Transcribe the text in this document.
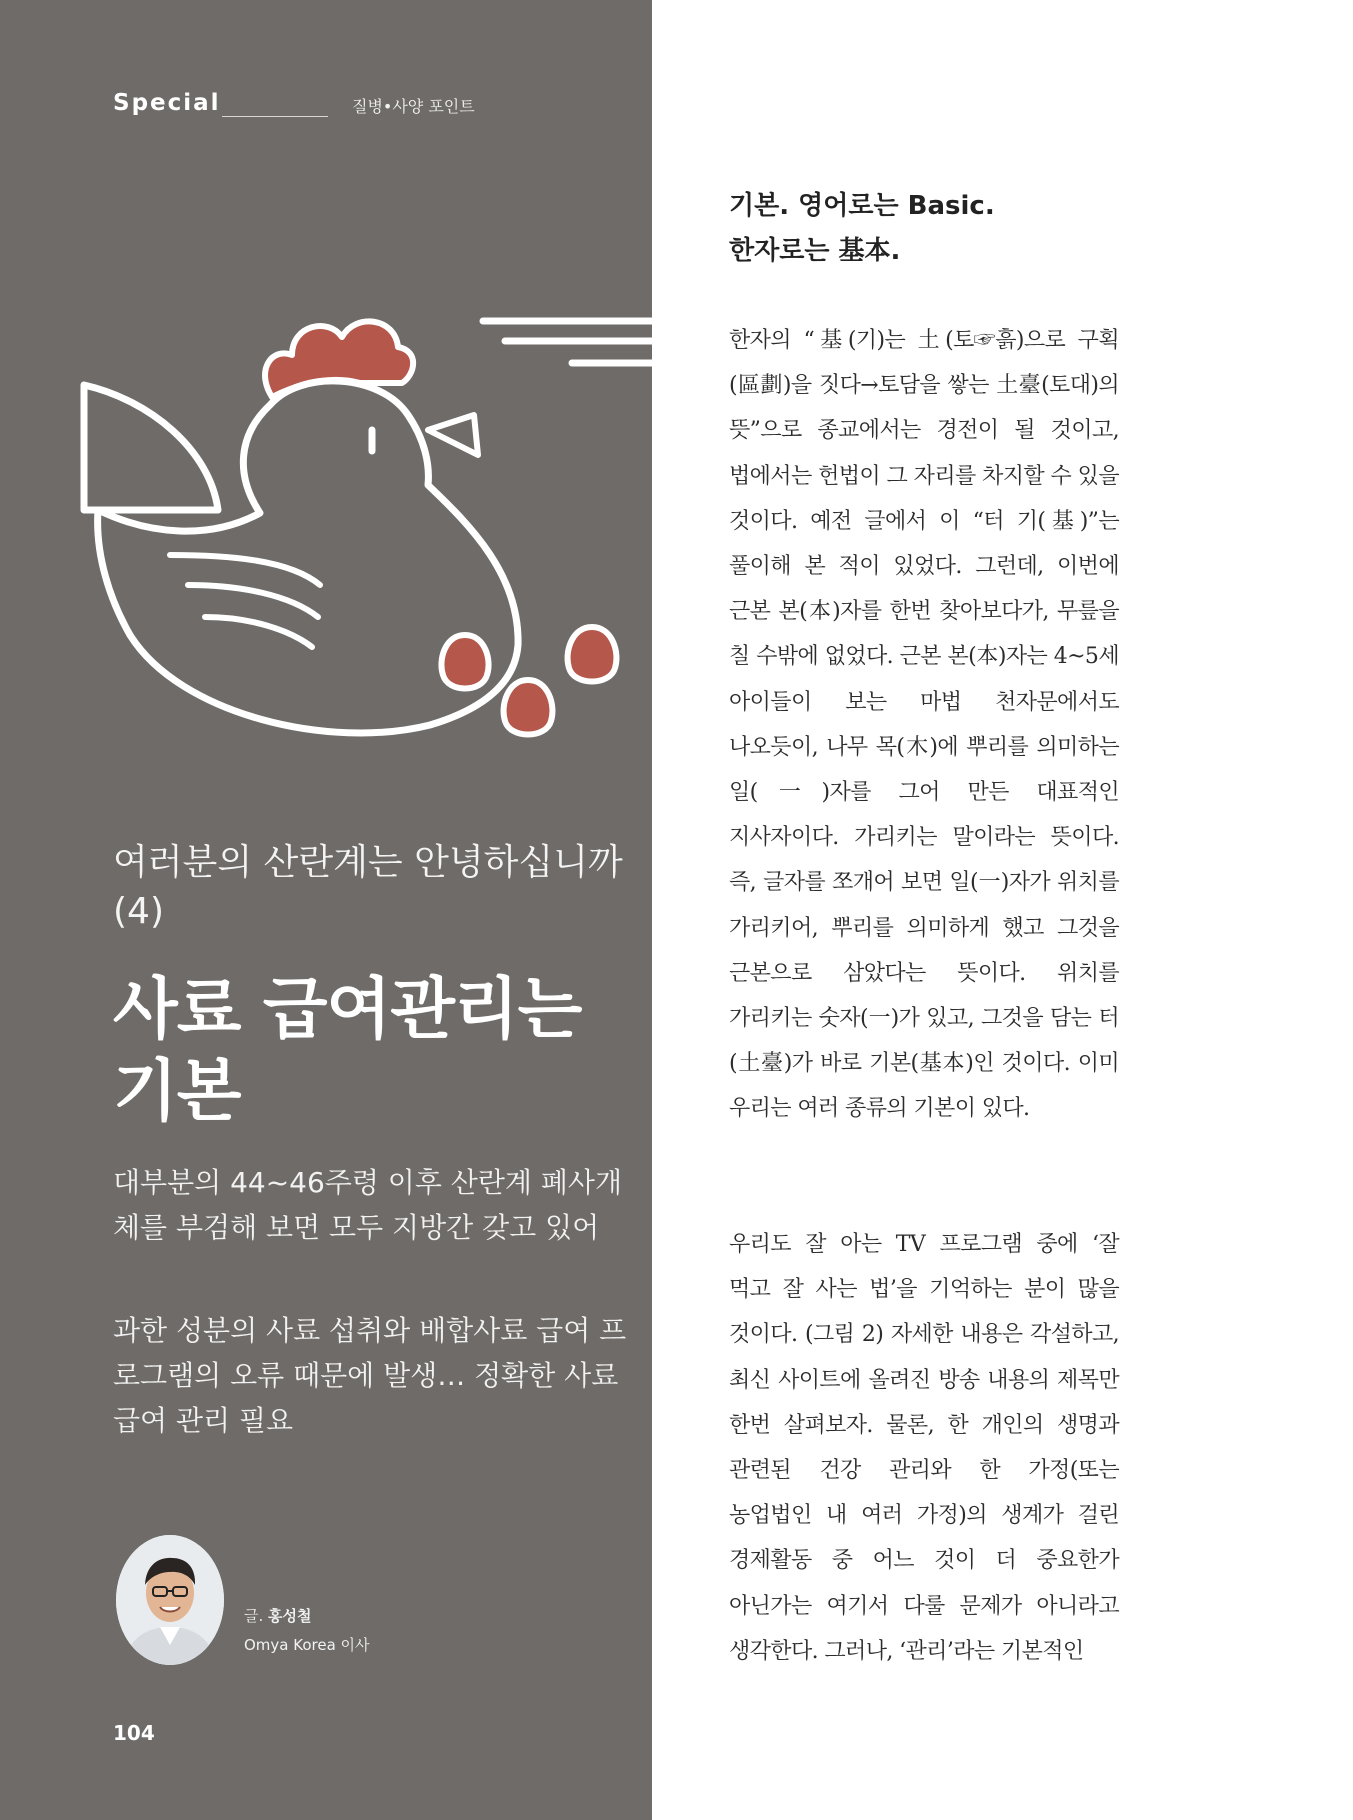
Special	질병•사양 포인트
여러분의 산란계는 안녕하십니까(4)
사료 급여관리는 기본

대부분의 44~46주령 이후 산란계 폐사개체를 부검해 보면 모두 지방간 갖고 있어

과한 성분의 사료 섭취와 배합사료 급여 프로그램의 오류 때문에 발생… 정확한 사료 급여 관리 필요

글. 홍성철
Omya Korea 이사
104
기본. 영어로는 Basic.
한자로는 基本.

한자의 “基(기)는 土(토☞흙)으로 구획(區劃)을 짓다→토담을 쌓는 土臺(토대)의 뜻”으로 종교에서는 경전이 될 것이고, 법에서는 헌법이 그 자리를 차지할 수 있을 것이다. 예전 글에서 이 “터 기(基)”는 풀이해 본 적이 있었다. 그런데, 이번에 근본 본(本)자를 한번 찾아보다가, 무릎을 칠 수밖에 없었다. 근본 본(本)자는 4~5세 아이들이 보는 마법 천자문에서도 나오듯이, 나무 목(木)에 뿌리를 의미하는 일(一)자를 그어 만든 대표적인 지사자이다. 가리키는 말이라는 뜻이다. 즉, 글자를 쪼개어 보면 일(一)자가 위치를 가리키어, 뿌리를 의미하게 했고 그것을 근본으로 삼았다는 뜻이다. 위치를 가리키는 숫자(一)가 있고, 그것을 담는 터(土臺)가 바로 기본(基本)인 것이다. 이미 우리는 여러 종류의 기본이 있다.

우리도 잘 아는 TV 프로그램 중에 ‘잘 먹고 잘 사는 법’을 기억하는 분이 많을 것이다. (그림 2) 자세한 내용은 각설하고, 최신 사이트에 올려진 방송 내용의 제목만 한번 살펴보자. 물론, 한 개인의 생명과 관련된 건강 관리와 한 가정(또는 농업법인 내 여러 가정)의 생계가 걸린 경제활동 중 어느 것이 더 중요한가 아닌가는 여기서 다룰 문제가 아니라고 생각한다. 그러나, ‘관리’라는 기본적인
